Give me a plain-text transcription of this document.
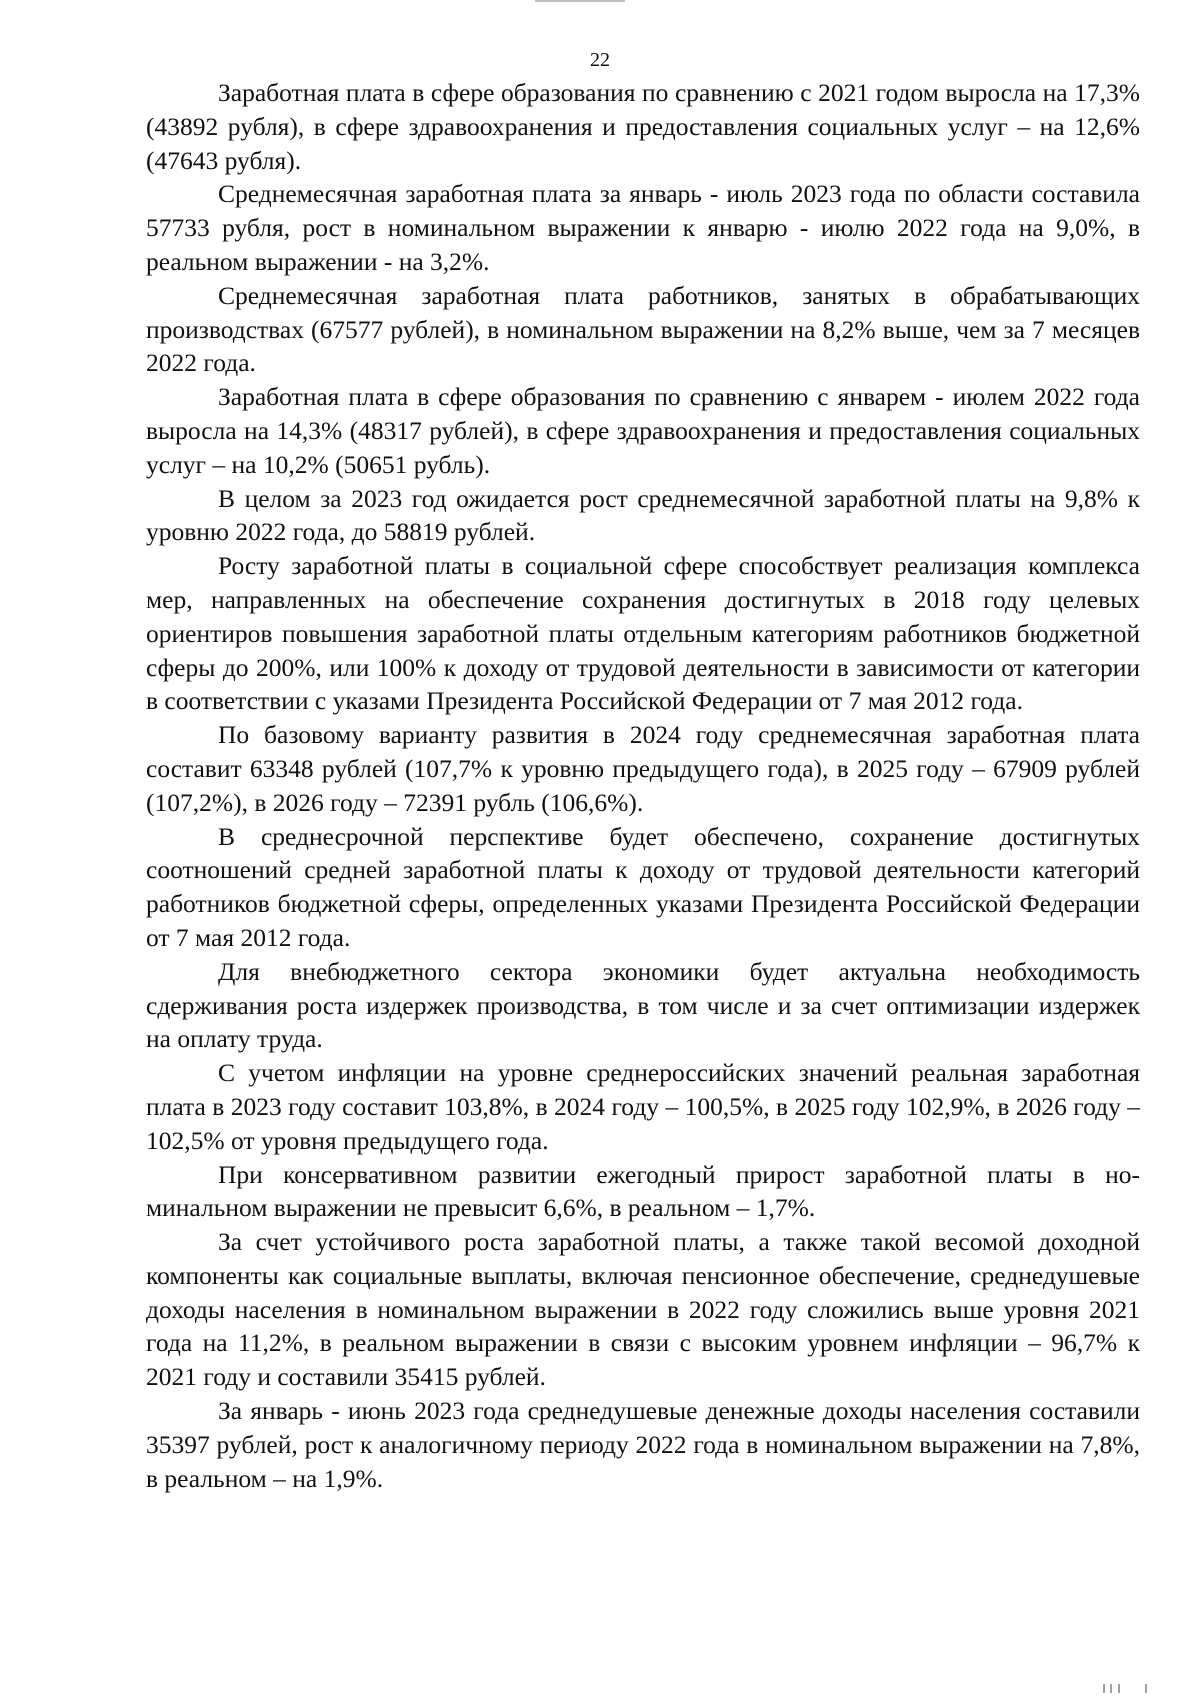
22

Заработная плата в сфере образования по сравнению с 2021 годом выросла на 17,3% (43892 рубля), в сфере здравоохранения и предоставления социальных услуг – на 12,6% (47643 рубля).

Среднемесячная заработная плата за январь - июль 2023 года по области составила 57733 рубля, рост в номинальном выражении к январю - июлю 2022 года на 9,0%, в реальном выражении - на 3,2%.

Среднемесячная заработная плата работников, занятых в обрабатывающих производствах (67577 рублей), в номинальном выражении на 8,2% выше, чем за 7 месяцев 2022 года.

Заработная плата в сфере образования по сравнению с январем - июлем 2022 года выросла на 14,3% (48317 рублей), в сфере здравоохранения и предоставления социальных услуг – на 10,2% (50651 рубль).

В целом за 2023 год ожидается рост среднемесячной заработной платы на 9,8% к уровню 2022 года, до 58819 рублей.

Росту заработной платы в социальной сфере способствует реализация комплекса мер, направленных на обеспечение сохранения достигнутых в 2018 году целевых ориентиров повышения заработной платы отдельным категориям работников бюджетной сферы до 200%, или 100% к доходу от трудовой деятельности в зависимости от категории в соответствии с указами Президента Российской Федерации от 7 мая 2012 года.

По базовому варианту развития в 2024 году среднемесячная заработная плата составит 63348 рублей (107,7% к уровню предыдущего года), в 2025 году – 67909 рублей (107,2%), в 2026 году – 72391 рубль (106,6%).

В среднесрочной перспективе будет обеспечено, сохранение достигнутых соотношений средней заработной платы к доходу от трудовой деятельности категорий работников бюджетной сферы, определенных указами Президента Российской Федерации от 7 мая 2012 года.

Для внебюджетного сектора экономики будет актуальна необходимость сдерживания роста издержек производства, в том числе и за счет оптимизации издержек на оплату труда.

С учетом инфляции на уровне среднероссийских значений реальная заработная плата в 2023 году составит 103,8%, в 2024 году – 100,5%, в 2025 году 102,9%, в 2026 году – 102,5% от уровня предыдущего года.

При консервативном развитии ежегодный прирост заработной платы в номинальном выражении не превысит 6,6%, в реальном – 1,7%.

За счет устойчивого роста заработной платы, а также такой весомой доходной компоненты как социальные выплаты, включая пенсионное обеспечение, среднедушевые доходы населения в номинальном выражении в 2022 году сложились выше уровня 2021 года на 11,2%, в реальном выражении в связи с высоким уровнем инфляции – 96,7% к 2021 году и составили 35415 рублей.

За январь - июнь 2023 года среднедушевые денежные доходы населения составили 35397 рублей, рост к аналогичному периоду 2022 года в номинальном выражении на 7,8%, в реальном – на 1,9%.
